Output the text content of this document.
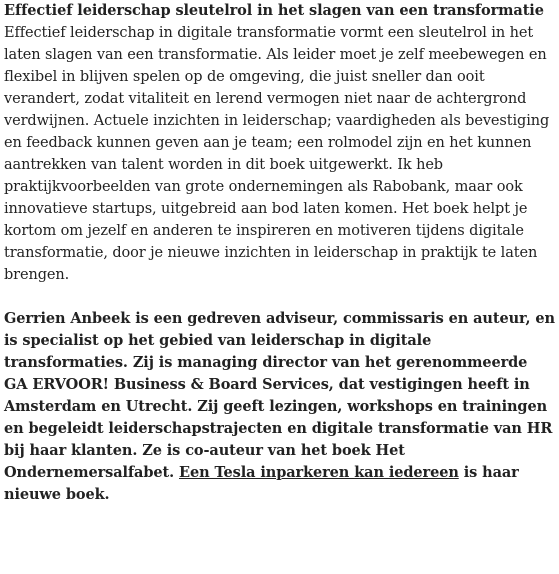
Effectief leiderschap sleutelrol in het slagen van een transformatie

Effectief leiderschap in digitale transformatie vormt een sleutelrol in het laten slagen van een transformatie. Als leider moet je zelf meebewegen en flexibel in blijven spelen op de omgeving, die juist sneller dan ooit verandert, zodat vitaliteit en lerend vermogen niet naar de achtergrond verdwijnen. Actuele inzichten in leiderschap; vaardigheden als bevestiging en feedback kunnen geven aan je team; een rolmodel zijn en het kunnen aantrekken van talent worden in dit boek uitgewerkt. Ik heb praktijkvoorbeelden van grote ondernemingen als Rabobank, maar ook innovatieve startups, uitgebreid aan bod laten komen. Het boek helpt je kortom om jezelf en anderen te inspireren en motiveren tijdens digitale transformatie, door je nieuwe inzichten in leiderschap in praktijk te laten brengen.

Gerrien Anbeek is een gedreven adviseur, commissaris en auteur, en is specialist op het gebied van leiderschap in digitale transformaties. Zij is managing director van het gerenommeerde GA ERVOOR! Business & Board Services, dat vestigingen heeft in Amsterdam en Utrecht. Zij geeft lezingen, workshops en trainingen en begeleidt leiderschapstrajecten en digitale transformatie van HR bij haar klanten. Ze is co-auteur van het boek Het Ondernemersalfabet. Een Tesla inparkeren kan iedereen is haar nieuwe boek.
